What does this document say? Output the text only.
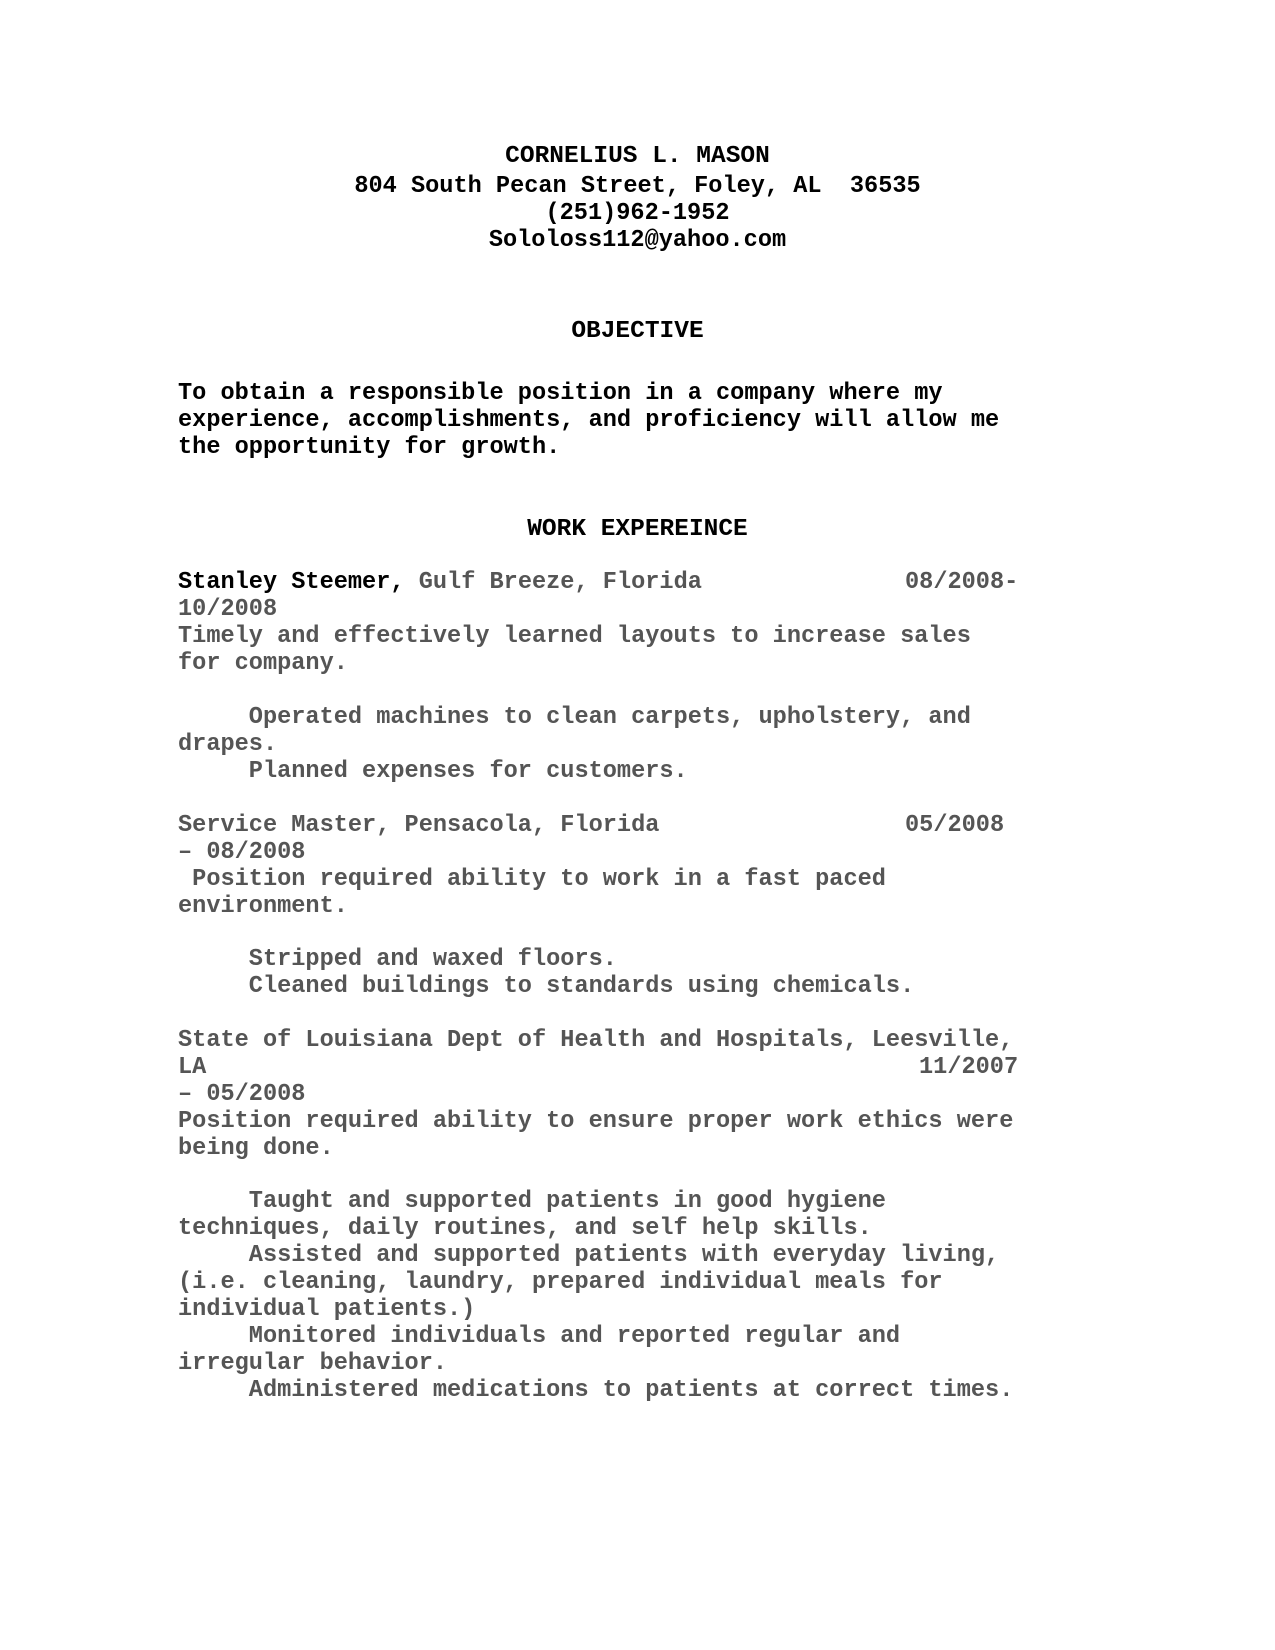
CORNELIUS L. MASON
804 South Pecan Street, Foley, AL  36535
(251)962-1952
Sololoss112@yahoo.com
OBJECTIVE
To obtain a responsible position in a company where my
experience, accomplishments, and proficiency will allow me
the opportunity for growth.
WORK EXPEREINCE
Stanley Steemer, Gulf Breeze, Florida	08/2008-
10/2008
Timely and effectively learned layouts to increase sales
for company.
Operated machines to clean carpets, upholstery, and
drapes.
Planned expenses for customers.
Service Master, Pensacola, Florida	05/2008
– 08/2008
Position required ability to work in a fast paced
environment.
Stripped and waxed floors.
Cleaned buildings to standards using chemicals.
State of Louisiana Dept of Health and Hospitals, Leesville,
LA	11/2007
– 05/2008
Position required ability to ensure proper work ethics were
being done.
Taught and supported patients in good hygiene
techniques, daily routines, and self help skills.
Assisted and supported patients with everyday living,
(i.e. cleaning, laundry, prepared individual meals for
individual patients.)
Monitored individuals and reported regular and
irregular behavior.
Administered medications to patients at correct times.
